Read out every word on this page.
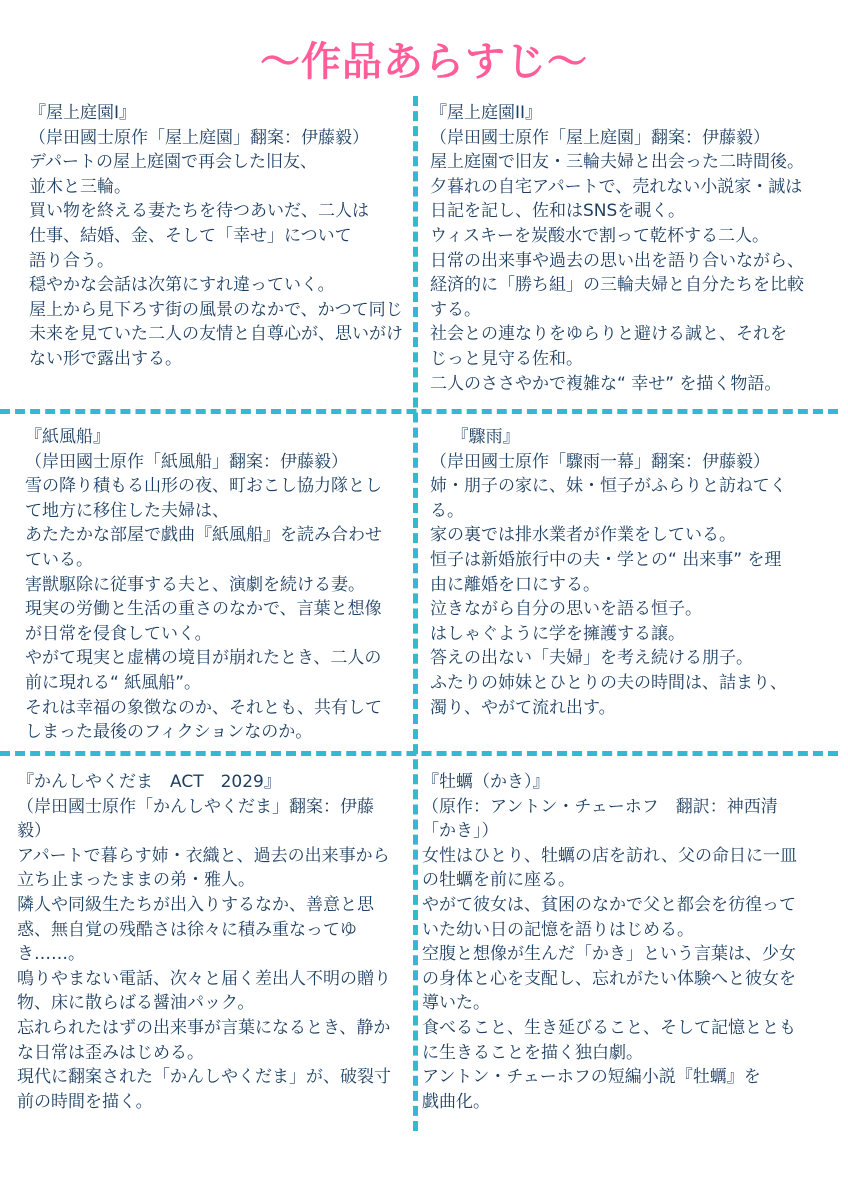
〜作品あらすじ〜

『屋上庭園I』

（岸田國士原作「屋上庭園」翻案：伊藤毅）

デパートの屋上庭園で再会した旧友、

並木と三輪。

買い物を終える妻たちを待つあいだ、二人は

仕事、結婚、金、そして「幸せ」について

語り合う。

穏やかな会話は次第にすれ違っていく。

屋上から見下ろす街の風景のなかで、かつて同じ

未来を見ていた二人の友情と自尊心が、思いがけ

ない形で露出する。

『屋上庭園II』

（岸田國士原作「屋上庭園」翻案：伊藤毅）

屋上庭園で旧友・三輪夫婦と出会った二時間後。

夕暮れの自宅アパートで、売れない小説家・誠は

日記を記し、佐和はSNSを覗く。

ウィスキーを炭酸水で割って乾杯する二人。

日常の出来事や過去の思い出を語り合いながら、

経済的に「勝ち組」の三輪夫婦と自分たちを比較

する。

社会との連なりをゆらりと避ける誠と、それを

じっと見守る佐和。

二人のささやかで複雑な“ 幸せ” を描く物語。

『紙風船』

（岸田國士原作「紙風船」翻案：伊藤毅）

雪の降り積もる山形の夜、町おこし協力隊とし

て地方に移住した夫婦は、

あたたかな部屋で戯曲『紙風船』を読み合わせ

ている。

害獣駆除に従事する夫と、演劇を続ける妻。

現実の労働と生活の重さのなかで、言葉と想像

が日常を侵食していく。

やがて現実と虚構の境目が崩れたとき、二人の

前に現れる“ 紙風船”。

それは幸福の象徴なのか、それとも、共有して

しまった最後のフィクションなのか。

『驟雨』

（岸田國士原作「驟雨一幕」翻案：伊藤毅）

姉・朋子の家に、妹・恒子がふらりと訪ねてく

る。

家の裏では排水業者が作業をしている。

恒子は新婚旅行中の夫・学との“ 出来事” を理

由に離婚を口にする。

泣きながら自分の思いを語る恒子。

はしゃぐように学を擁護する譲。

答えの出ない「夫婦」を考え続ける朋子。

ふたりの姉妹とひとりの夫の時間は、詰まり、

濁り、やがて流れ出す。

『かんしやくだま　ACT　2029』

（岸田國士原作「かんしやくだま」翻案：伊藤

毅）

アパートで暮らす姉・衣織と、過去の出来事から

立ち止まったままの弟・雅人。

隣人や同級生たちが出入りするなか、善意と思

惑、無自覚の残酷さは徐々に積み重なってゆ

き……。

鳴りやまない電話、次々と届く差出人不明の贈り

物、床に散らばる醤油パック。

忘れられたはずの出来事が言葉になるとき、静か

な日常は歪みはじめる。

現代に翻案された「かんしやくだま」が、破裂寸

前の時間を描く。

『牡蠣（かき）』

（原作：アントン・チェーホフ　翻訳：神西清

「かき」）

女性はひとり、牡蠣の店を訪れ、父の命日に一皿

の牡蠣を前に座る。

やがて彼女は、貧困のなかで父と都会を彷徨って

いた幼い日の記憶を語りはじめる。

空腹と想像が生んだ「かき」という言葉は、少女

の身体と心を支配し、忘れがたい体験へと彼女を

導いた。

食べること、生き延びること、そして記憶ととも

に生きることを描く独白劇。

アントン・チェーホフの短編小説『牡蠣』を

戯曲化。
